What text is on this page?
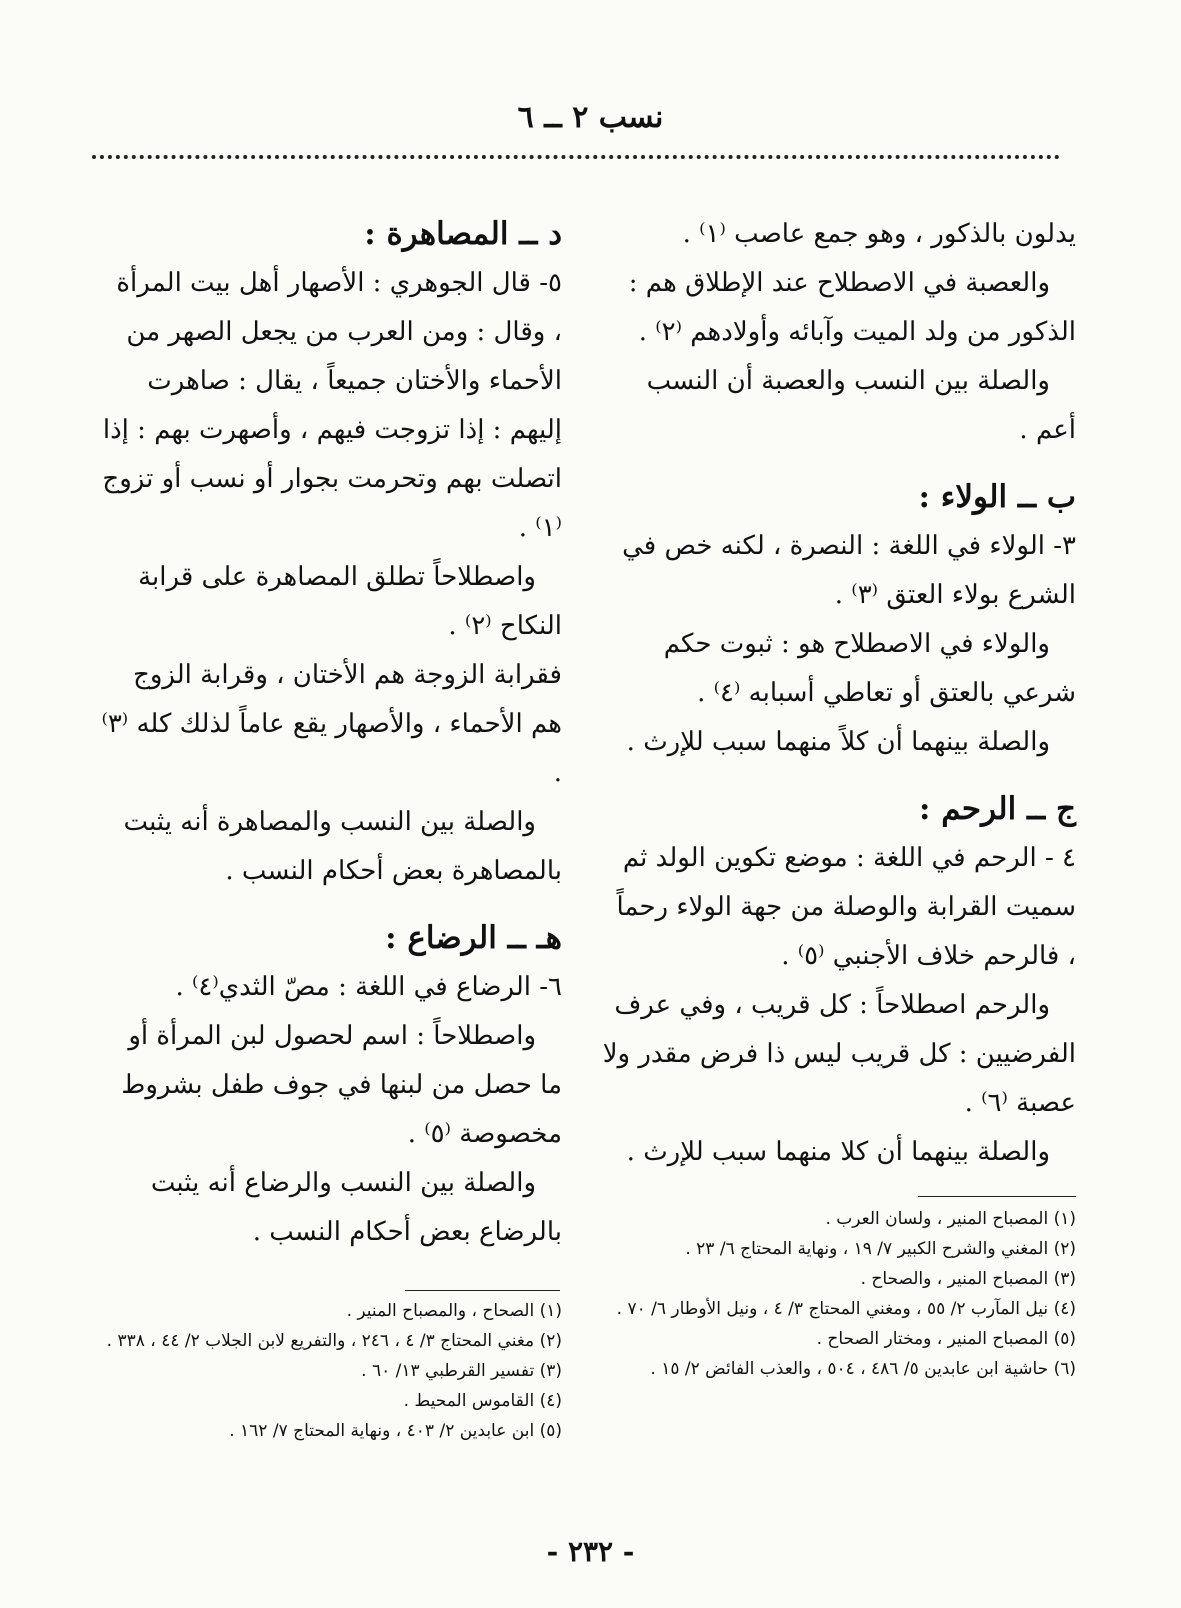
نسب ٢ ــ ٦

يدلون بالذكور ، وهو جمع عاصب ⁽١⁾ .

والعصبة في الاصطلاح عند الإطلاق هم : الذكور من ولد الميت وآبائه وأولادهم ⁽٢⁾ .

والصلة بين النسب والعصبة أن النسب أعم .

ب ــ الولاء :

٣- الولاء في اللغة : النصرة ، لكنه خص في الشرع بولاء العتق ⁽٣⁾ .

والولاء في الاصطلاح هو : ثبوت حكم شرعي بالعتق أو تعاطي أسبابه ⁽٤⁾ .

والصلة بينهما أن كلاً منهما سبب للإرث .

ج ــ الرحم :

٤ - الرحم في اللغة : موضع تكوين الولد ثم سميت القرابة والوصلة من جهة الولاء رحماً ، فالرحم خلاف الأجنبي ⁽٥⁾ .

والرحم اصطلاحاً : كل قريب ، وفي عرف الفرضيين : كل قريب ليس ذا فرض مقدر ولا عصبة ⁽٦⁾ .

والصلة بينهما أن كلا منهما سبب للإرث .

د ــ المصاهرة :

٥- قال الجوهري : الأصهار أهل بيت المرأة ، وقال : ومن العرب من يجعل الصهر من الأحماء والأختان جميعاً ، يقال : صاهرت إليهم : إذا تزوجت فيهم ، وأصهرت بهم : إذا اتصلت بهم وتحرمت بجوار أو نسب أو تزوج ⁽١⁾ .

واصطلاحاً تطلق المصاهرة على قرابة النكاح ⁽٢⁾ .

فقرابة الزوجة هم الأختان ، وقرابة الزوج هم الأحماء ، والأصهار يقع عاماً لذلك كله ⁽٣⁾ .

والصلة بين النسب والمصاهرة أنه يثبت بالمصاهرة بعض أحكام النسب .

هـ ــ الرضاع :

٦- الرضاع في اللغة : مصّ الثدي⁽٤⁾ .

واصطلاحاً : اسم لحصول لبن المرأة أو ما حصل من لبنها في جوف طفل بشروط مخصوصة ⁽٥⁾ .

والصلة بين النسب والرضاع أنه يثبت بالرضاع بعض أحكام النسب .	(١) المصباح المنير ، ولسان العرب .

(٢) المغني والشرح الكبير ٧/ ١٩ ، ونهاية المحتاج ٦/ ٢٣ .

(٣) المصباح المنير ، والصحاح .

(٤) نيل المآرب ٢/ ٥٥ ، ومغني المحتاج ٣/ ٤ ، ونيل الأوطار ٦/ ٧٠ .

(٥) المصباح المنير ، ومختار الصحاح .

(٦) حاشية ابن عابدين ٥/ ٤٨٦ ، ٥٠٤ ، والعذب الفائض ٢/ ١٥ .

(١) الصحاح ، والمصباح المنير .

(٢) مغني المحتاج ٣/ ٤ ، ٢٤٦ ، والتفريع لابن الجلاب ٢/ ٤٤ ، ٣٣٨ .

(٣) تفسير القرطبي ١٣/ ٦٠ .

(٤) القاموس المحيط .

(٥) ابن عابدين ٢/ ٤٠٣ ، ونهاية المحتاج ٧/ ١٦٢ .

- ٢٣٢ -
